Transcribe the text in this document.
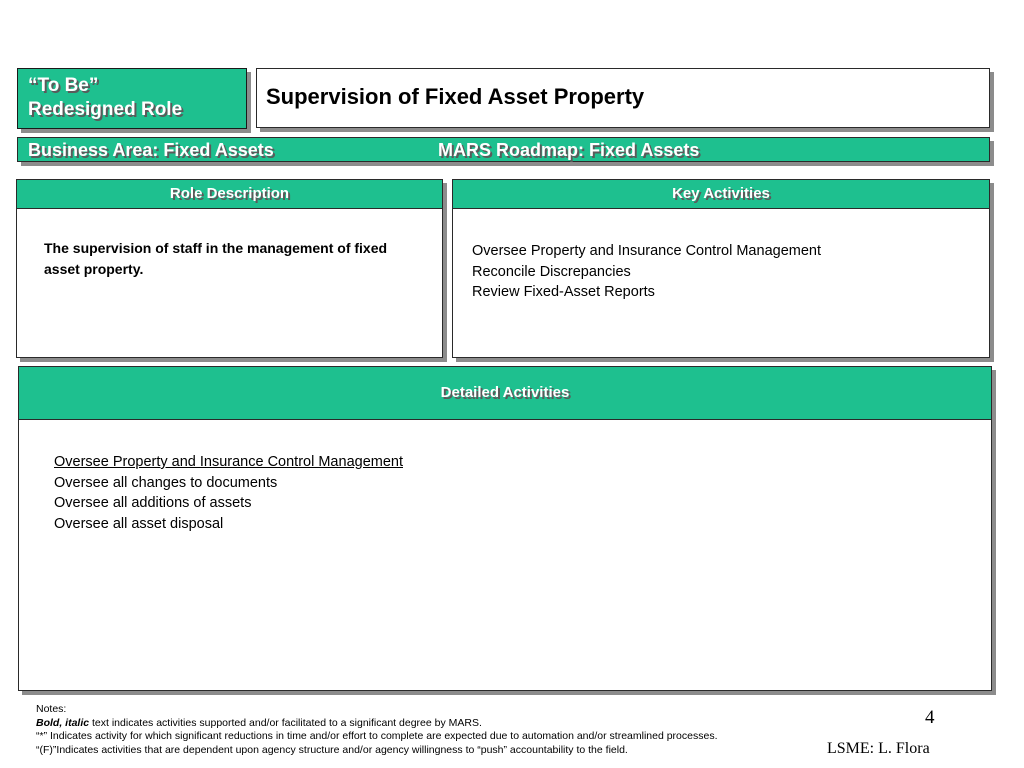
“To Be”
Redesigned Role
Supervision of Fixed Asset Property
Business Area: Fixed Assets	MARS Roadmap: Fixed Assets
Role Description
The supervision of staff in the management of fixed asset property.
Key Activities
Oversee Property and Insurance Control Management
Reconcile Discrepancies
Review Fixed-Asset Reports
Detailed Activities
Oversee Property and Insurance Control Management
Oversee all changes to documents
Oversee all additions of assets
Oversee all asset disposal
Notes:
Bold, italic text indicates activities supported and/or facilitated to a significant degree by MARS.
“*” Indicates activity for which significant reductions in time and/or effort to complete are expected due to automation and/or streamlined processes.
“(F)”Indicates activities that are dependent upon agency structure and/or agency willingness to “push” accountability to the field.
4
LSME: L. Flora
